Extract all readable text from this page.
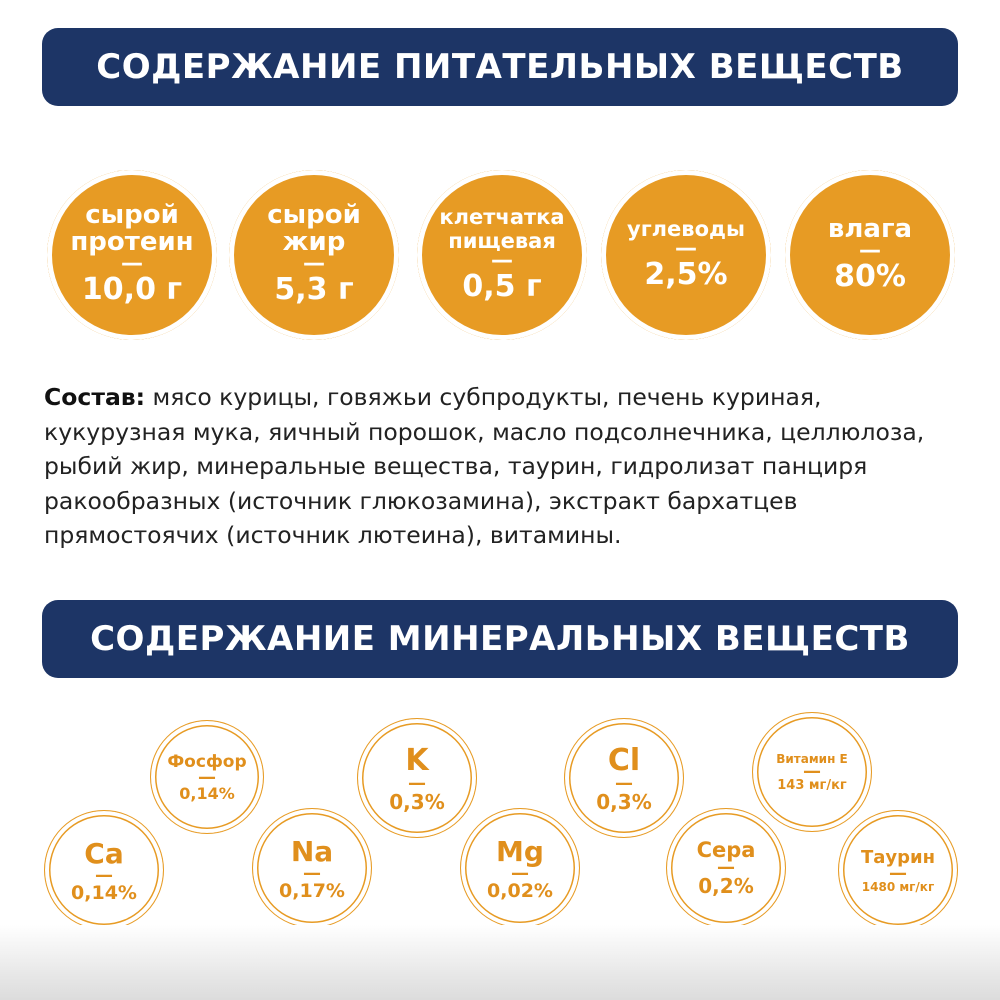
СОДЕРЖАНИЕ ПИТАТЕЛЬНЫХ ВЕЩЕСТВ
сырой
протеин
—
10,0 г
сырой
жир
—
5,3 г
клетчатка
пищевая
—
0,5 г
углеводы
—
2,5%
влага
—
80%
Состав: мясо курицы, говяжьи субпродукты, печень куриная, кукурузная мука, яичный порошок, масло подсолнечника, целлюлоза, рыбий жир, минеральные вещества, таурин, гидролизат панциря ракообразных (источник глюкозамина), экстракт бархатцев прямостоячих (источник лютеина), витамины.
СОДЕРЖАНИЕ МИНЕРАЛЬНЫХ ВЕЩЕСТВ
Ca
—
0,14%
Фосфор
—
0,14%
Na
—
0,17%
K
—
0,3%
Mg
—
0,02%
Cl
—
0,3%
Сера
—
0,2%
Витамин Е
—
143 мг/кг
Таурин
—
1480 мг/кг
